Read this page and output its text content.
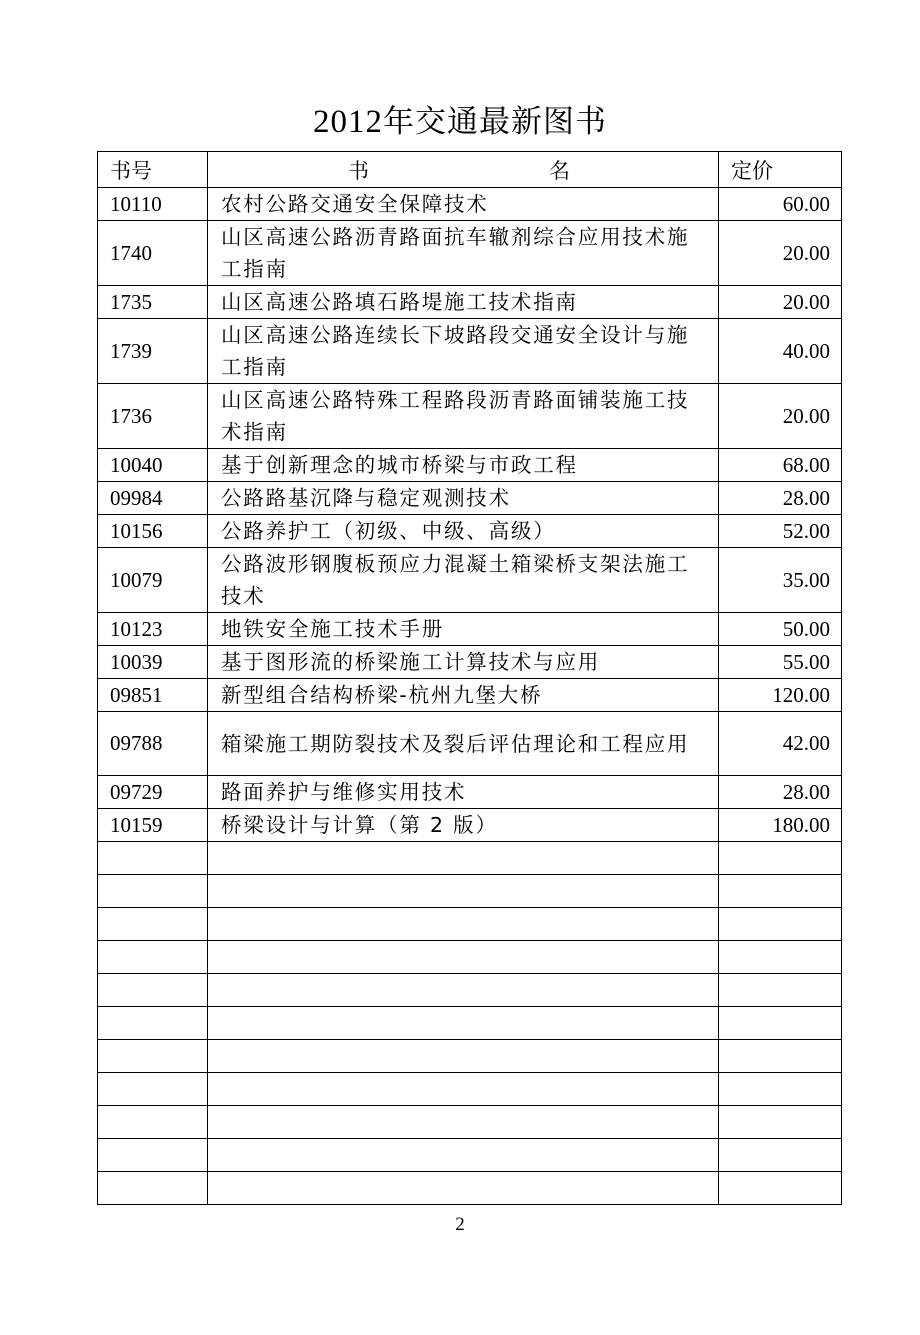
2012年交通最新图书
书号	书 名	定价
10110	农村公路交通安全保障技术	60.00
1740	山区高速公路沥青路面抗车辙剂综合应用技术施工指南	20.00
1735	山区高速公路填石路堤施工技术指南	20.00
1739	山区高速公路连续长下坡路段交通安全设计与施工指南	40.00
1736	山区高速公路特殊工程路段沥青路面铺装施工技术指南	20.00
10040	基于创新理念的城市桥梁与市政工程	68.00
09984	公路路基沉降与稳定观测技术	28.00
10156	公路养护工（初级、中级、高级）	52.00
10079	公路波形钢腹板预应力混凝土箱梁桥支架法施工技术	35.00
10123	地铁安全施工技术手册	50.00
10039	基于图形流的桥梁施工计算技术与应用	55.00
09851	新型组合结构桥梁-杭州九堡大桥	120.00
09788	箱梁施工期防裂技术及裂后评估理论和工程应用	42.00
09729	路面养护与维修实用技术	28.00
10159	桥梁设计与计算（第 2 版）	180.00

2
